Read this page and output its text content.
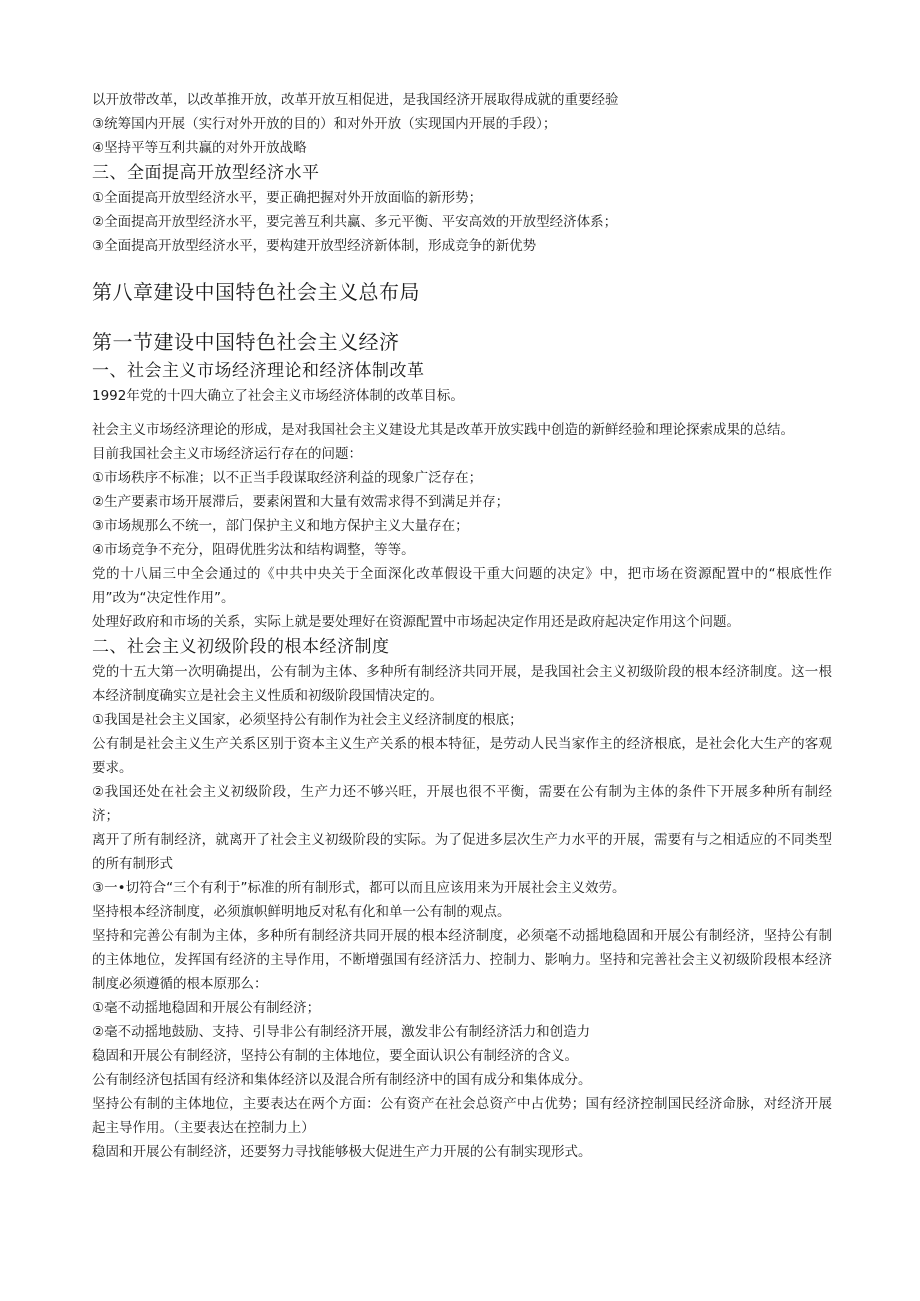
以开放带改革，以改革推开放，改革开放互相促进，是我国经济开展取得成就的重要经验

③统筹国内开展（实行对外开放的目的）和对外开放（实现国内开展的手段）；

④坚持平等互利共赢的对外开放战略

三、全面提高开放型经济水平

①全面提高开放型经济水平，要正确把握对外开放面临的新形势；

②全面提高开放型经济水平，要完善互利共赢、多元平衡、平安高效的开放型经济体系；

③全面提高开放型经济水平，要构建开放型经济新体制，形成竞争的新优势

第八章建设中国特色社会主义总布局
第一节建设中国特色社会主义经济
一、社会主义市场经济理论和经济体制改革

1992年党的十四大确立了社会主义市场经济体制的改革目标。

社会主义市场经济理论的形成，是对我国社会主义建设尤其是改革开放实践中创造的新鲜经验和理论探索成果的总结。

目前我国社会主义市场经济运行存在的问题：

①市场秩序不标准；以不正当手段谋取经济利益的现象广泛存在；

②生产要素市场开展滞后，要素闲置和大量有效需求得不到满足并存；

③市场规那么不统一，部门保护主义和地方保护主义大量存在；

④市场竞争不充分，阻碍优胜劣汰和结构调整，等等。

党的十八届三中全会通过的《中共中央关于全面深化改革假设干重大问题的决定》中，把市场在资源配置中的“根底性作用”改为“决定性作用”。

处理好政府和市场的关系，实际上就是要处理好在资源配置中市场起决定作用还是政府起决定作用这个问题。

二、社会主义初级阶段的根本经济制度

党的十五大第一次明确提出，公有制为主体、多种所有制经济共同开展，是我国社会主义初级阶段的根本经济制度。这一根本经济制度确实立是社会主义性质和初级阶段国情决定的。

①我国是社会主义国家，必须坚持公有制作为社会主义经济制度的根底；

公有制是社会主义生产关系区别于资本主义生产关系的根本特征，是劳动人民当家作主的经济根底，是社会化大生产的客观要求。

②我国还处在社会主义初级阶段，生产力还不够兴旺，开展也很不平衡，需要在公有制为主体的条件下开展多种所有制经济；

离开了所有制经济，就离开了社会主义初级阶段的实际。为了促进多层次生产力水平的开展，需要有与之相适应的不同类型的所有制形式

③一•切符合“三个有利于”标准的所有制形式，都可以而且应该用来为开展社会主义效劳。

坚持根本经济制度，必须旗帜鲜明地反对私有化和单一公有制的观点。

坚持和完善公有制为主体，多种所有制经济共同开展的根本经济制度，必须毫不动摇地稳固和开展公有制经济，坚持公有制的主体地位，发挥国有经济的主导作用，不断增强国有经济活力、控制力、影响力。坚持和完善社会主义初级阶段根本经济制度必须遵循的根本原那么：

①毫不动摇地稳固和开展公有制经济；

②毫不动摇地鼓励、支持、引导非公有制经济开展，激发非公有制经济活力和创造力

稳固和开展公有制经济，坚持公有制的主体地位，要全面认识公有制经济的含义。

公有制经济包括国有经济和集体经济以及混合所有制经济中的国有成分和集体成分。

坚持公有制的主体地位，主要表达在两个方面：公有资产在社会总资产中占优势；国有经济控制国民经济命脉，对经济开展起主导作用。（主要表达在控制力上）

稳固和开展公有制经济，还要努力寻找能够极大促进生产力开展的公有制实现形式。
